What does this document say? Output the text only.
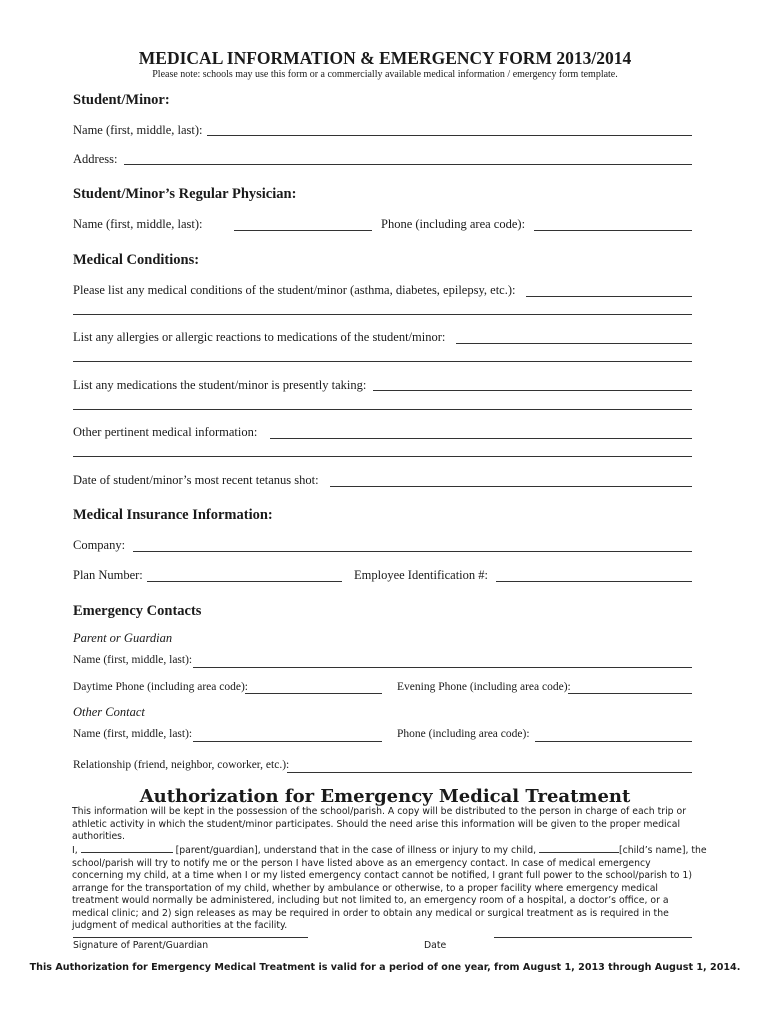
MEDICAL INFORMATION & EMERGENCY FORM 2013/2014
Please note: schools may use this form or a commercially available medical information / emergency form template.
Student/Minor:
Name (first, middle, last):
Address:
Student/Minor’s Regular Physician:
Name (first, middle, last):	Phone (including area code):
Medical Conditions:
Please list any medical conditions of the student/minor (asthma, diabetes, epilepsy, etc.):
List any allergies or allergic reactions to medications of the student/minor:
List any medications the student/minor is presently taking:
Other pertinent medical information:
Date of student/minor’s most recent tetanus shot:
Medical Insurance Information:
Company:
Plan Number:	Employee Identification #:
Emergency Contacts
Parent or Guardian
Name (first, middle, last):
Daytime Phone (including area code):	Evening Phone (including area code):
Other Contact
Name (first, middle, last):	Phone (including area code):
Relationship (friend, neighbor, coworker, etc.):
Authorization for Emergency Medical Treatment

This information will be kept in the possession of the school/parish. A copy will be distributed to the person in charge of each trip or athletic activity in which the student/minor participates. Should the need arise this information will be given to the proper medical authorities.

I,	[parent/guardian], understand that in the case of illness or injury to my child,	[child’s name], the

school/parish will try to notify me or the person I have listed above as an emergency contact. In case of medical emergency concerning my child, at a time when I or my listed emergency contact cannot be notified, I grant full power to the school/parish to 1) arrange for the transportation of my child, whether by ambulance or otherwise, to a proper facility where emergency medical treatment would normally be administered, including but not limited to, an emergency room of a hospital, a doctor’s office, or a medical clinic; and 2) sign releases as may be required in order to obtain any medical or surgical treatment as is required in the judgment of medical authorities at the facility.

Signature of Parent/Guardian	Date
This Authorization for Emergency Medical Treatment is valid for a period of one year, from August 1, 2013 through August 1, 2014.
